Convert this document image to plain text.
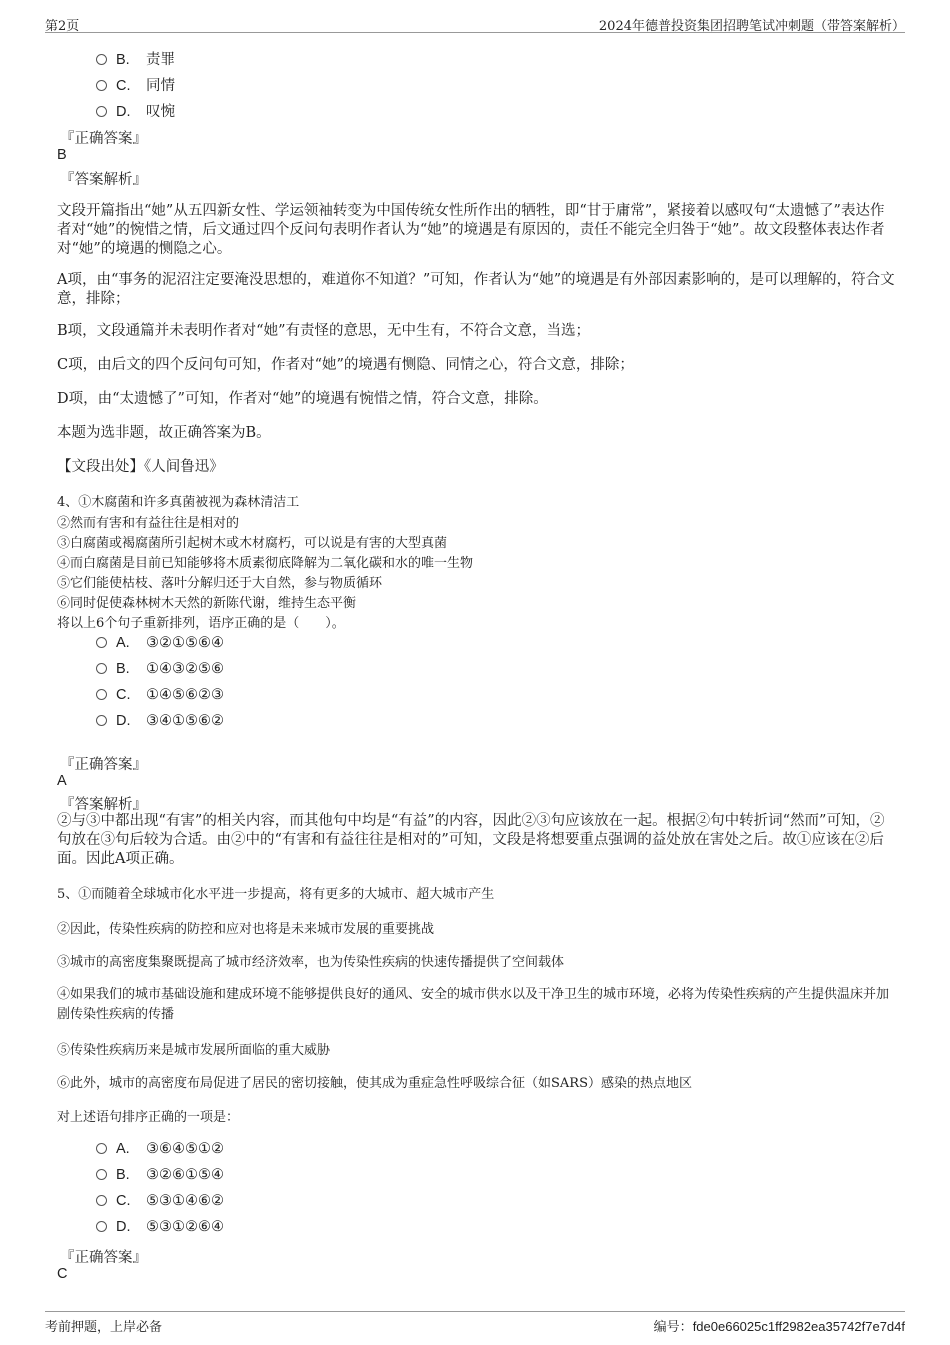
第2页	2024年德普投资集团招聘笔试冲刺题（带答案解析）
B. 责罪
C. 同情
D. 叹惋
『正确答案』
B
『答案解析』
文段开篇指出“她”从五四新女性、学运领袖转变为中国传统女性所作出的牺牲，即“甘于庸常”，紧接着以感叹句“太遗憾了”表达作者对“她”的惋惜之情，后文通过四个反问句表明作者认为“她”的境遇是有原因的，责任不能完全归咎于“她”。故文段整体表达作者对“她”的境遇的恻隐之心。
A项，由“事务的泥沼注定要淹没思想的，难道你不知道？”可知，作者认为“她”的境遇是有外部因素影响的，是可以理解的，符合文意，排除；
B项，文段通篇并未表明作者对“她”有责怪的意思，无中生有，不符合文意，当选；
C项，由后文的四个反问句可知，作者对“她”的境遇有恻隐、同情之心，符合文意，排除；
D项，由“太遗憾了”可知，作者对“她”的境遇有惋惜之情，符合文意，排除。
本题为选非题，故正确答案为B。
【文段出处】《人间鲁迅》
4、①木腐菌和许多真菌被视为森林清洁工
②然而有害和有益往往是相对的
③白腐菌或褐腐菌所引起树木或木材腐朽，可以说是有害的大型真菌
④而白腐菌是目前已知能够将木质素彻底降解为二氧化碳和水的唯一生物
⑤它们能使枯枝、落叶分解归还于大自然，参与物质循环
⑥同时促使森林树木天然的新陈代谢，维持生态平衡
将以上6个句子重新排列，语序正确的是（　　）。
A. ③②①⑤⑥④
B. ①④③②⑤⑥
C. ①④⑤⑥②③
D. ③④①⑤⑥②
『正确答案』
A
『答案解析』
②与③中都出现“有害”的相关内容，而其他句中均是“有益”的内容，因此②③句应该放在一起。根据②句中转折词“然而”可知，②句放在③句后较为合适。由②中的“有害和有益往往是相对的”可知，文段是将想要重点强调的益处放在害处之后。故①应该在②后面。因此A项正确。
5、①而随着全球城市化水平进一步提高，将有更多的大城市、超大城市产生
②因此，传染性疾病的防控和应对也将是未来城市发展的重要挑战
③城市的高密度集聚既提高了城市经济效率，也为传染性疾病的快速传播提供了空间载体
④如果我们的城市基础设施和建成环境不能够提供良好的通风、安全的城市供水以及干净卫生的城市环境，必将为传染性疾病的产生提供温床并加剧传染性疾病的传播
⑤传染性疾病历来是城市发展所面临的重大威胁
⑥此外，城市的高密度布局促进了居民的密切接触，使其成为重症急性呼吸综合征（如SARS）感染的热点地区
对上述语句排序正确的一项是：
A. ③⑥④⑤①②
B. ③②⑥①⑤④
C. ⑤③①④⑥②
D. ⑤③①②⑥④
『正确答案』
C
考前押题，上岸必备	编号：fde0e66025c1ff2982ea35742f7e7d4f
